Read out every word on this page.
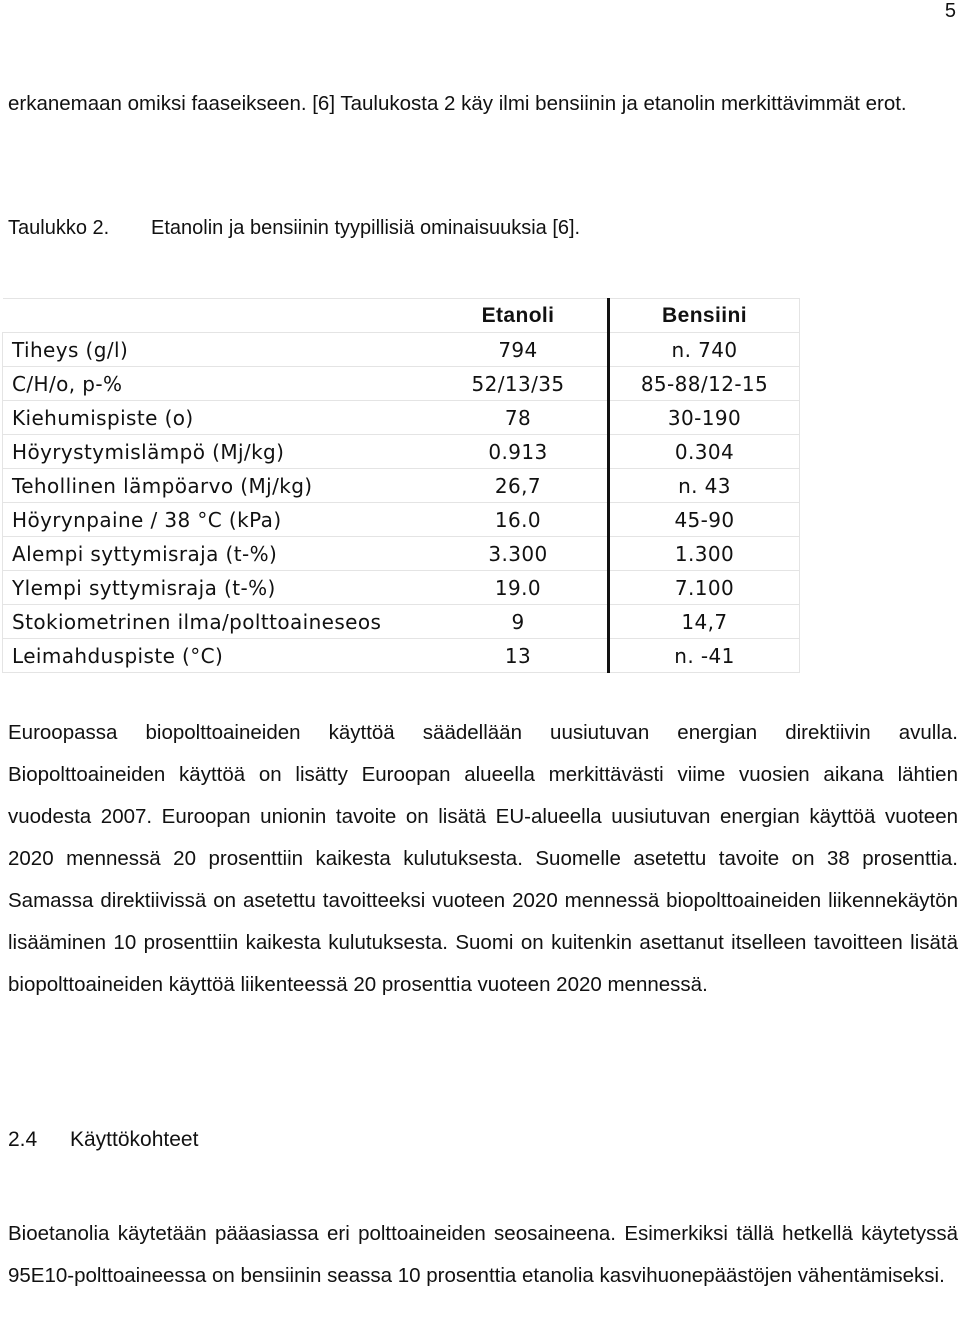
5

erkanemaan omiksi faaseikseen. [6] Taulukosta 2 käy ilmi bensiinin ja etanolin merkittävimmät erot.

Taulukko 2. Etanolin ja bensiinin tyypillisiä ominaisuuksia [6].
	Etanoli	Bensiini
Tiheys (g/l)	794	n. 740
C/H/o, p-%	52/13/35	85-88/12-15
Kiehumispiste (o)	78	30-190
Höyrystymislämpö (Mj/kg)	0.913	0.304
Tehollinen lämpöarvo (Mj/kg)	26,7	n. 43
Höyrynpaine / 38 °C (kPa)	16.0	45-90
Alempi syttymisraja (t-%)	3.300	1.300
Ylempi syttymisraja (t-%)	19.0	7.100
Stokiometrinen ilma/polttoaineseos	9	14,7
Leimahduspiste (°C)	13	n. -41

Euroopassa biopolttoaineiden käyttöä säädellään uusiutuvan energian direktiivin avulla. Biopolttoaineiden käyttöä on lisätty Euroopan alueella merkittävästi viime vuosien aikana lähtien vuodesta 2007. Euroopan unionin tavoite on lisätä EU-alueella uusiutuvan energian käyttöä vuoteen 2020 mennessä 20 prosenttiin kaikesta kulutuksesta. Suomelle asetettu tavoite on 38 prosenttia. Samassa direktiivissä on asetettu tavoitteeksi vuoteen 2020 mennessä biopolttoaineiden liikennekäytön lisääminen 10 prosenttiin kaikesta kulutuksesta. Suomi on kuitenkin asettanut itselleen tavoitteen lisätä biopolttoaineiden käyttöä liikenteessä 20 prosenttia vuoteen 2020 mennessä.

2.4 Käyttökohteet

Bioetanolia käytetään pääasiassa eri polttoaineiden seosaineena. Esimerkiksi tällä hetkellä käytetyssä 95E10-polttoaineessa on bensiinin seassa 10 prosenttia etanolia kasvihuonepäästöjen vähentämiseksi.
